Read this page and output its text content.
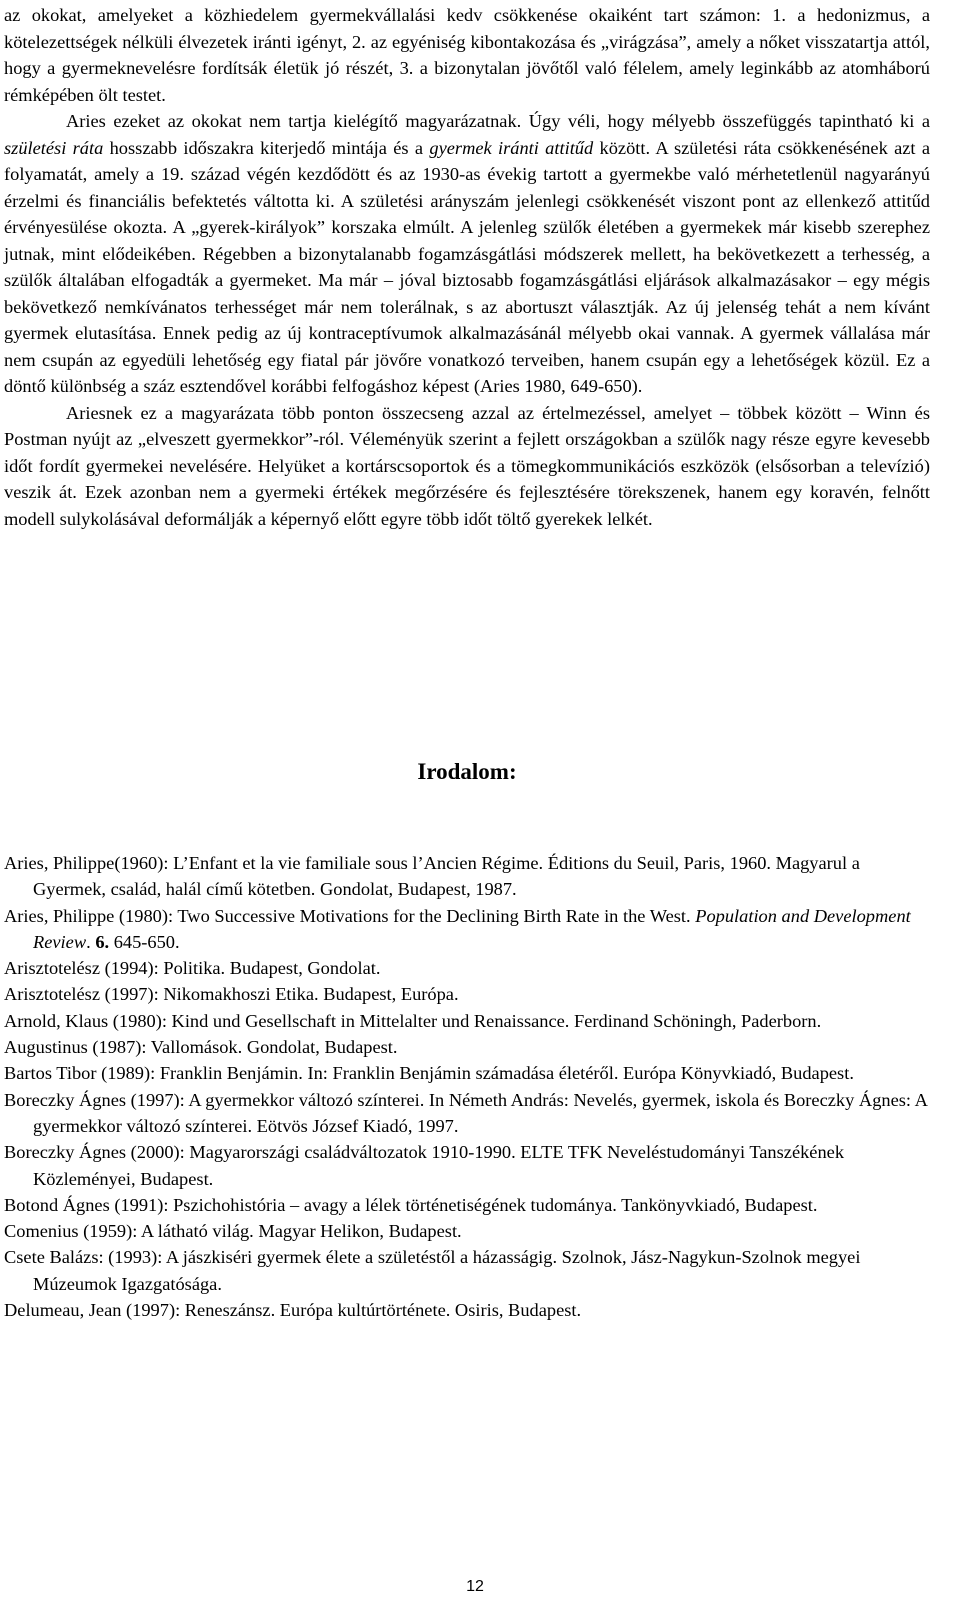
az okokat, amelyeket a közhiedelem gyermekvállalási kedv csökkenése okaiként tart számon: 1. a hedonizmus, a kötelezettségek nélküli élvezetek iránti igényt, 2. az egyéniség kibontakozása és „virágzása”, amely a nőket visszatartja attól, hogy a gyermeknevelésre fordítsák életük jó részét, 3. a bizonytalan jövőtől való félelem, amely leginkább az atomháború rémképében ölt testet.

Aries ezeket az okokat nem tartja kielégítő magyarázatnak. Úgy véli, hogy mélyebb összefüggés tapintható ki a születési ráta hosszabb időszakra kiterjedő mintája és a gyermek iránti attitűd között. A születési ráta csökkenésének azt a folyamatát, amely a 19. század végén kezdődött és az 1930-as évekig tartott a gyermekbe való mérhetetlenül nagyarányú érzelmi és financiális befektetés váltotta ki. A születési arányszám jelenlegi csökkenését viszont pont az ellenkező attitűd érvényesülése okozta. A „gyerek-királyok” korszaka elmúlt. A jelenleg szülők életében a gyermekek már kisebb szerephez jutnak, mint elődeikében. Régebben a bizonytalanabb fogamzásgátlási módszerek mellett, ha bekövetkezett a terhesség, a szülők általában elfogadták a gyermeket. Ma már – jóval biztosabb fogamzásgátlási eljárások alkalmazásakor – egy mégis bekövetkező nemkívánatos terhességet már nem tolerálnak, s az abortuszt választják. Az új jelenség tehát a nem kívánt gyermek elutasítása. Ennek pedig az új kontraceptívumok alkalmazásánál mélyebb okai vannak. A gyermek vállalása már nem csupán az egyedüli lehetőség egy fiatal pár jövőre vonatkozó terveiben, hanem csupán egy a lehetőségek közül. Ez a döntő különbség a száz esztendővel korábbi felfogáshoz képest (Aries 1980, 649-650).

Ariesnek ez a magyarázata több ponton összecseng azzal az értelmezéssel, amelyet – többek között – Winn és Postman nyújt az „elveszett gyermekkor”-ról. Véleményük szerint a fejlett országokban a szülők nagy része egyre kevesebb időt fordít gyermekei nevelésére. Helyüket a kortárscsoportok és a tömegkommunikációs eszközök (elsősorban a televízió) veszik át. Ezek azonban nem a gyermeki értékek megőrzésére és fejlesztésére törekszenek, hanem egy koravén, felnőtt modell sulykolásával deformálják a képernyő előtt egyre több időt töltő gyerekek lelkét.

Irodalom:

Aries, Philippe(1960): L’Enfant et la vie familiale sous l’Ancien Régime. Éditions du Seuil, Paris, 1960. Magyarul a Gyermek, család, halál című kötetben. Gondolat, Budapest, 1987.

Aries, Philippe (1980): Two Successive Motivations for the Declining Birth Rate in the West. Population and Development Review. 6. 645-650.

Arisztotelész (1994): Politika. Budapest, Gondolat.

Arisztotelész (1997): Nikomakhoszi Etika. Budapest, Európa.

Arnold, Klaus (1980): Kind und Gesellschaft in Mittelalter und Renaissance. Ferdinand Schöningh, Paderborn.

Augustinus (1987): Vallomások. Gondolat, Budapest.

Bartos Tibor (1989): Franklin Benjámin. In: Franklin Benjámin számadása életéről. Európa Könyvkiadó, Budapest.

Boreczky Ágnes (1997): A gyermekkor változó színterei. In Németh András: Nevelés, gyermek, iskola és Boreczky Ágnes: A gyermekkor változó színterei. Eötvös József Kiadó, 1997.

Boreczky Ágnes (2000): Magyarországi családváltozatok 1910-1990. ELTE TFK Neveléstudományi Tanszékének Közleményei, Budapest.

Botond Ágnes (1991): Pszichohistória – avagy a lélek történetiségének tudománya. Tankönyvkiadó, Budapest.

Comenius (1959): A látható világ. Magyar Helikon, Budapest.

Csete Balázs: (1993): A jászkiséri gyermek élete a születéstől a házasságig. Szolnok, Jász-Nagykun-Szolnok megyei Múzeumok Igazgatósága.

Delumeau, Jean (1997): Reneszánsz. Európa kultúrtörténete. Osiris, Budapest.

12
